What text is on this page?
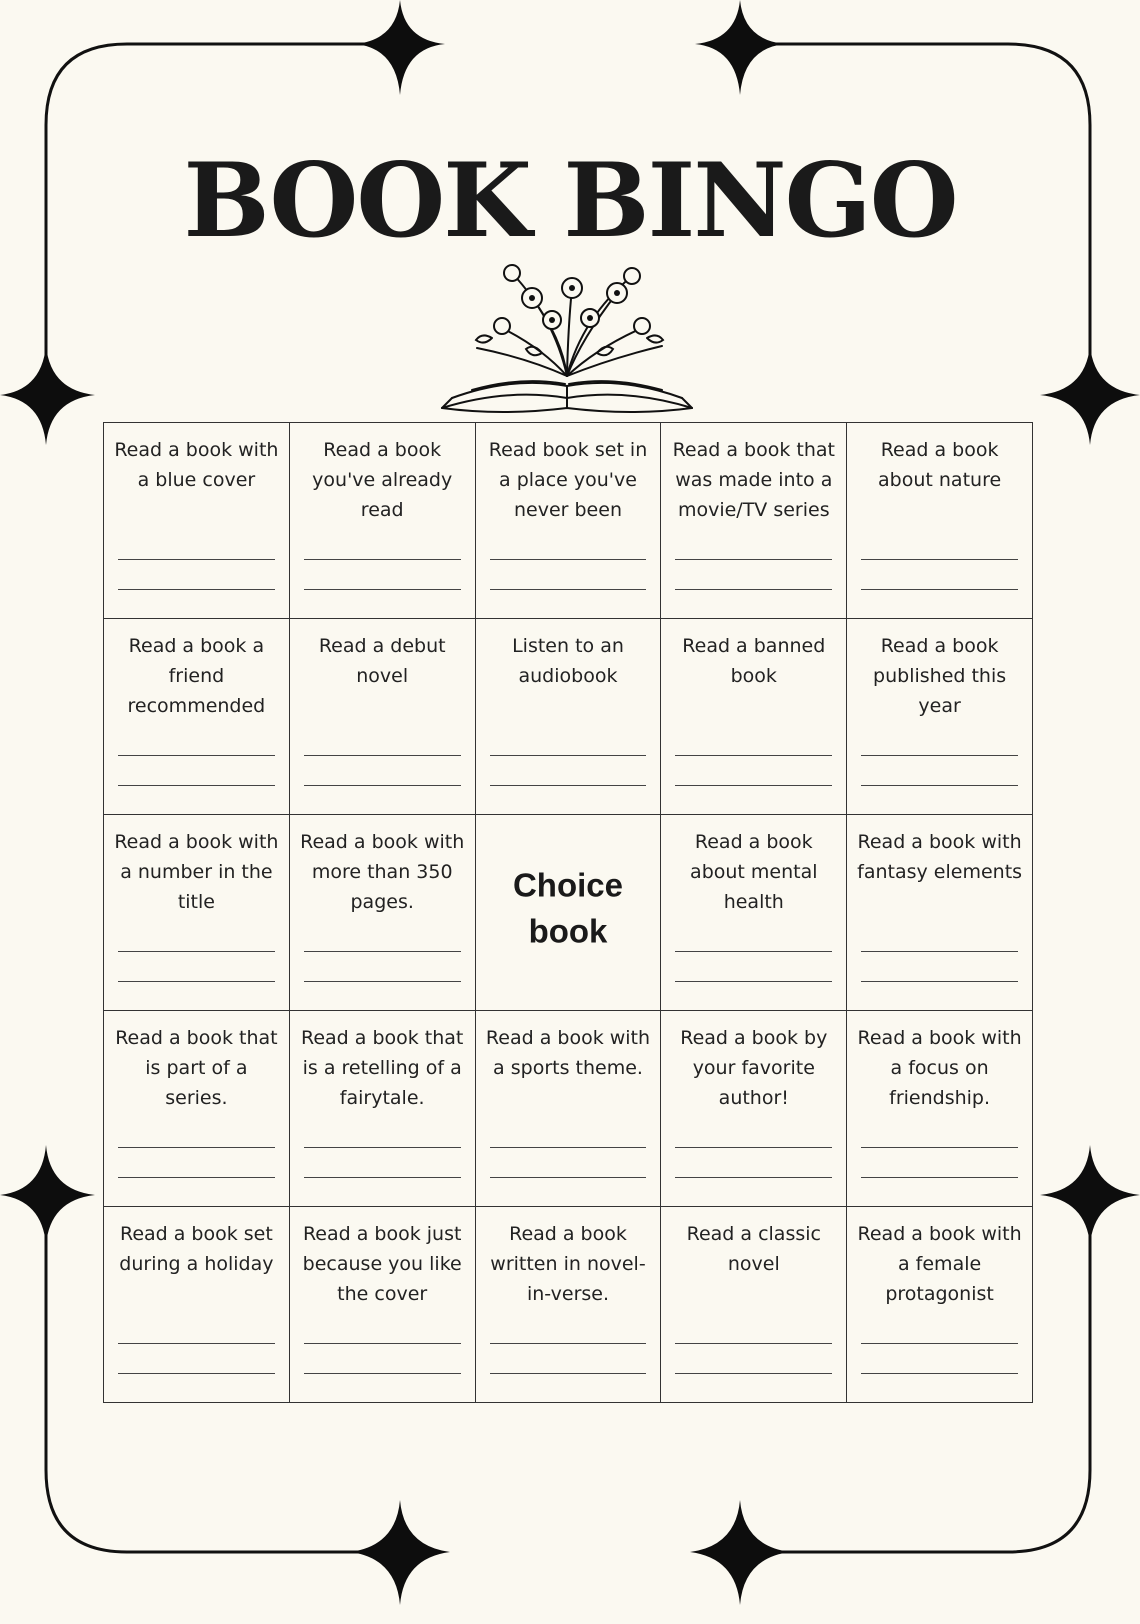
BOOK BINGO
Read a book with a blue cover	Read a book you've already read	Read book set in a place you've never been	Read a book that was made into a movie/TV series	Read a book about nature

Read a book a friend recommended	Read a debut novel	Listen to an audiobook	Read a banned book	Read a book published this year

Read a book with a number in the title	Read a book with more than 350 pages.	Choice book	Read a book about mental health	Read a book with fantasy elements

Read a book that is part of a series.	Read a book that is a retelling of a fairytale.	Read a book with a sports theme.	Read a book by your favorite author!	Read a book with a focus on friendship.

Read a book set during a holiday	Read a book just because you like the cover	Read a book written in novel-in-verse.	Read a classic novel	Read a book with a female protagonist
